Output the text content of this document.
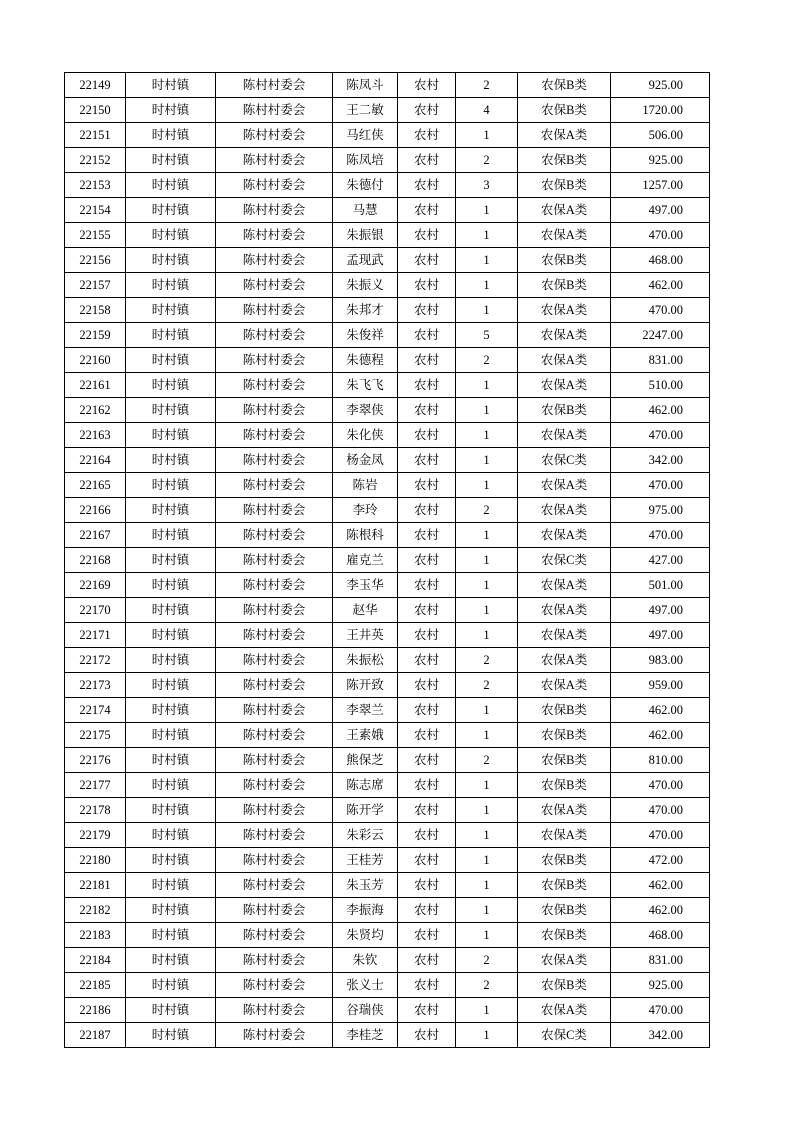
22149	时村镇	陈村村委会	陈凤斗	农村	2	农保B类	925.00
22150	时村镇	陈村村委会	王二敏	农村	4	农保B类	1720.00
22151	时村镇	陈村村委会	马红侠	农村	1	农保A类	506.00
22152	时村镇	陈村村委会	陈凤培	农村	2	农保B类	925.00
22153	时村镇	陈村村委会	朱德付	农村	3	农保B类	1257.00
22154	时村镇	陈村村委会	马慧	农村	1	农保A类	497.00
22155	时村镇	陈村村委会	朱振银	农村	1	农保A类	470.00
22156	时村镇	陈村村委会	孟现武	农村	1	农保B类	468.00
22157	时村镇	陈村村委会	朱振义	农村	1	农保B类	462.00
22158	时村镇	陈村村委会	朱邦才	农村	1	农保A类	470.00
22159	时村镇	陈村村委会	朱俊祥	农村	5	农保A类	2247.00
22160	时村镇	陈村村委会	朱德程	农村	2	农保A类	831.00
22161	时村镇	陈村村委会	朱飞飞	农村	1	农保A类	510.00
22162	时村镇	陈村村委会	李翠侠	农村	1	农保B类	462.00
22163	时村镇	陈村村委会	朱化侠	农村	1	农保A类	470.00
22164	时村镇	陈村村委会	杨金凤	农村	1	农保C类	342.00
22165	时村镇	陈村村委会	陈岩	农村	1	农保A类	470.00
22166	时村镇	陈村村委会	李玲	农村	2	农保A类	975.00
22167	时村镇	陈村村委会	陈根科	农村	1	农保A类	470.00
22168	时村镇	陈村村委会	雇克兰	农村	1	农保C类	427.00
22169	时村镇	陈村村委会	李玉华	农村	1	农保A类	501.00
22170	时村镇	陈村村委会	赵华	农村	1	农保A类	497.00
22171	时村镇	陈村村委会	王井英	农村	1	农保A类	497.00
22172	时村镇	陈村村委会	朱振松	农村	2	农保A类	983.00
22173	时村镇	陈村村委会	陈开致	农村	2	农保A类	959.00
22174	时村镇	陈村村委会	李翠兰	农村	1	农保B类	462.00
22175	时村镇	陈村村委会	王素娥	农村	1	农保B类	462.00
22176	时村镇	陈村村委会	熊保芝	农村	2	农保B类	810.00
22177	时村镇	陈村村委会	陈志席	农村	1	农保B类	470.00
22178	时村镇	陈村村委会	陈开学	农村	1	农保A类	470.00
22179	时村镇	陈村村委会	朱彩云	农村	1	农保A类	470.00
22180	时村镇	陈村村委会	王桂芳	农村	1	农保B类	472.00
22181	时村镇	陈村村委会	朱玉芳	农村	1	农保B类	462.00
22182	时村镇	陈村村委会	李振海	农村	1	农保B类	462.00
22183	时村镇	陈村村委会	朱贤均	农村	1	农保B类	468.00
22184	时村镇	陈村村委会	朱钦	农村	2	农保A类	831.00
22185	时村镇	陈村村委会	张义士	农村	2	农保B类	925.00
22186	时村镇	陈村村委会	谷瑞侠	农村	1	农保A类	470.00
22187	时村镇	陈村村委会	李桂芝	农村	1	农保C类	342.00
